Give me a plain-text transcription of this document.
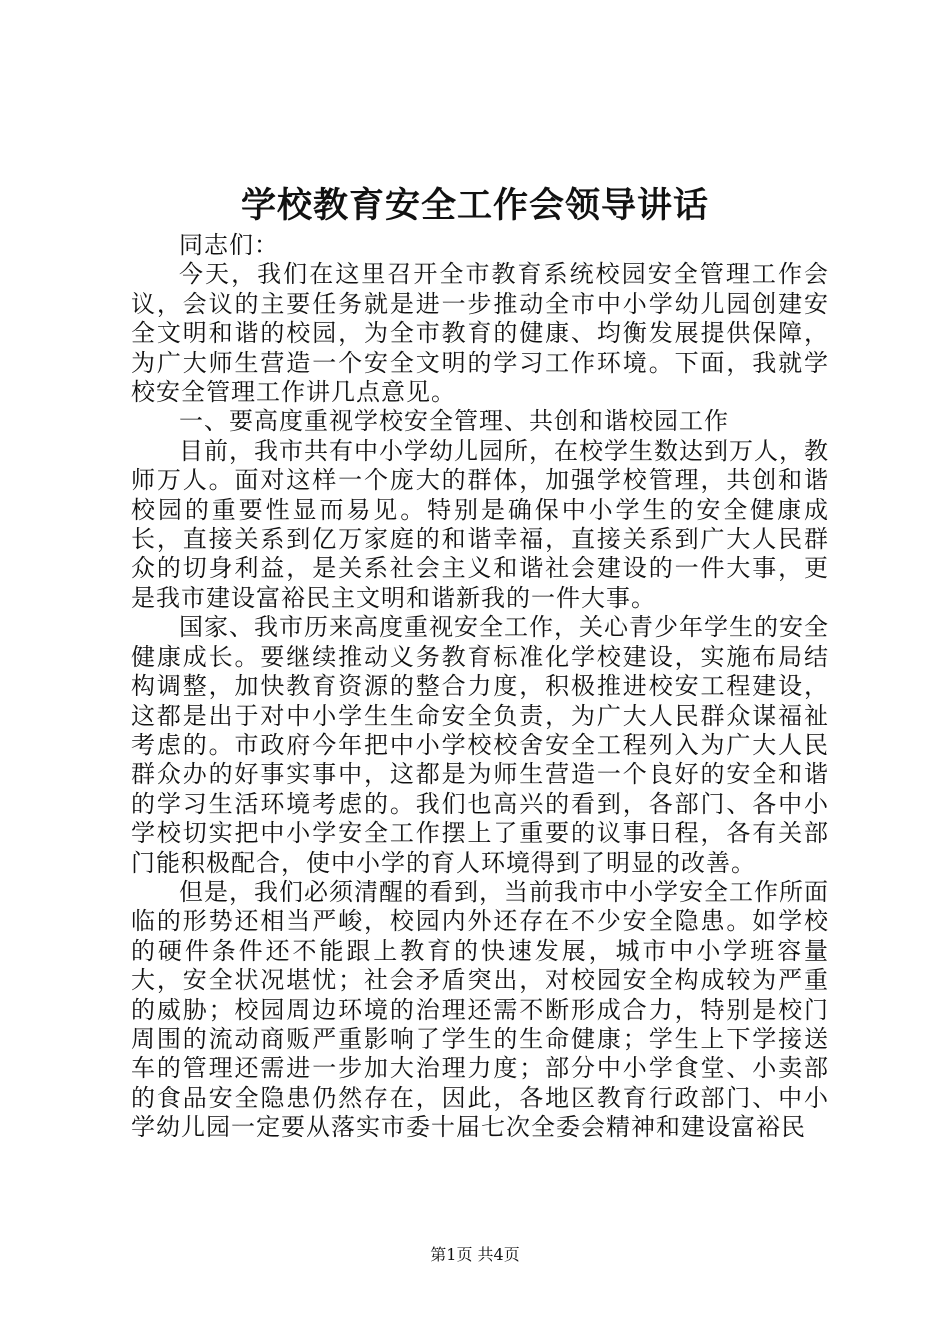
学校教育安全工作会领导讲话

同志们：

今天，我们在这里召开全市教育系统校园安全管理工作会议，会议的主要任务就是进一步推动全市中小学幼儿园创建安全文明和谐的校园，为全市教育的健康、均衡发展提供保障，为广大师生营造一个安全文明的学习工作环境。下面，我就学校安全管理工作讲几点意见。

一、要高度重视学校安全管理、共创和谐校园工作

目前，我市共有中小学幼儿园所，在校学生数达到万人，教师万人。面对这样一个庞大的群体，加强学校管理，共创和谐校园的重要性显而易见。特别是确保中小学生的安全健康成长，直接关系到亿万家庭的和谐幸福，直接关系到广大人民群众的切身利益，是关系社会主义和谐社会建设的一件大事，更是我市建设富裕民主文明和谐新我的一件大事。

国家、我市历来高度重视安全工作，关心青少年学生的安全健康成长。要继续推动义务教育标准化学校建设，实施布局结构调整，加快教育资源的整合力度，积极推进校安工程建设，这都是出于对中小学生生命安全负责，为广大人民群众谋福祉考虑的。市政府今年把中小学校校舍安全工程列入为广大人民群众办的好事实事中，这都是为师生营造一个良好的安全和谐的学习生活环境考虑的。我们也高兴的看到，各部门、各中小学校切实把中小学安全工作摆上了重要的议事日程，各有关部门能积极配合，使中小学的育人环境得到了明显的改善。

但是，我们必须清醒的看到，当前我市中小学安全工作所面临的形势还相当严峻，校园内外还存在不少安全隐患。如学校的硬件条件还不能跟上教育的快速发展，城市中小学班容量大，安全状况堪忧；社会矛盾突出，对校园安全构成较为严重的威胁；校园周边环境的治理还需不断形成合力，特别是校门周围的流动商贩严重影响了学生的生命健康；学生上下学接送车的管理还需进一步加大治理力度；部分中小学食堂、小卖部的食品安全隐患仍然存在，因此，各地区教育行政部门、中小学幼儿园一定要从落实市委十届七次全委会精神和建设富裕民

第1页 共4页
